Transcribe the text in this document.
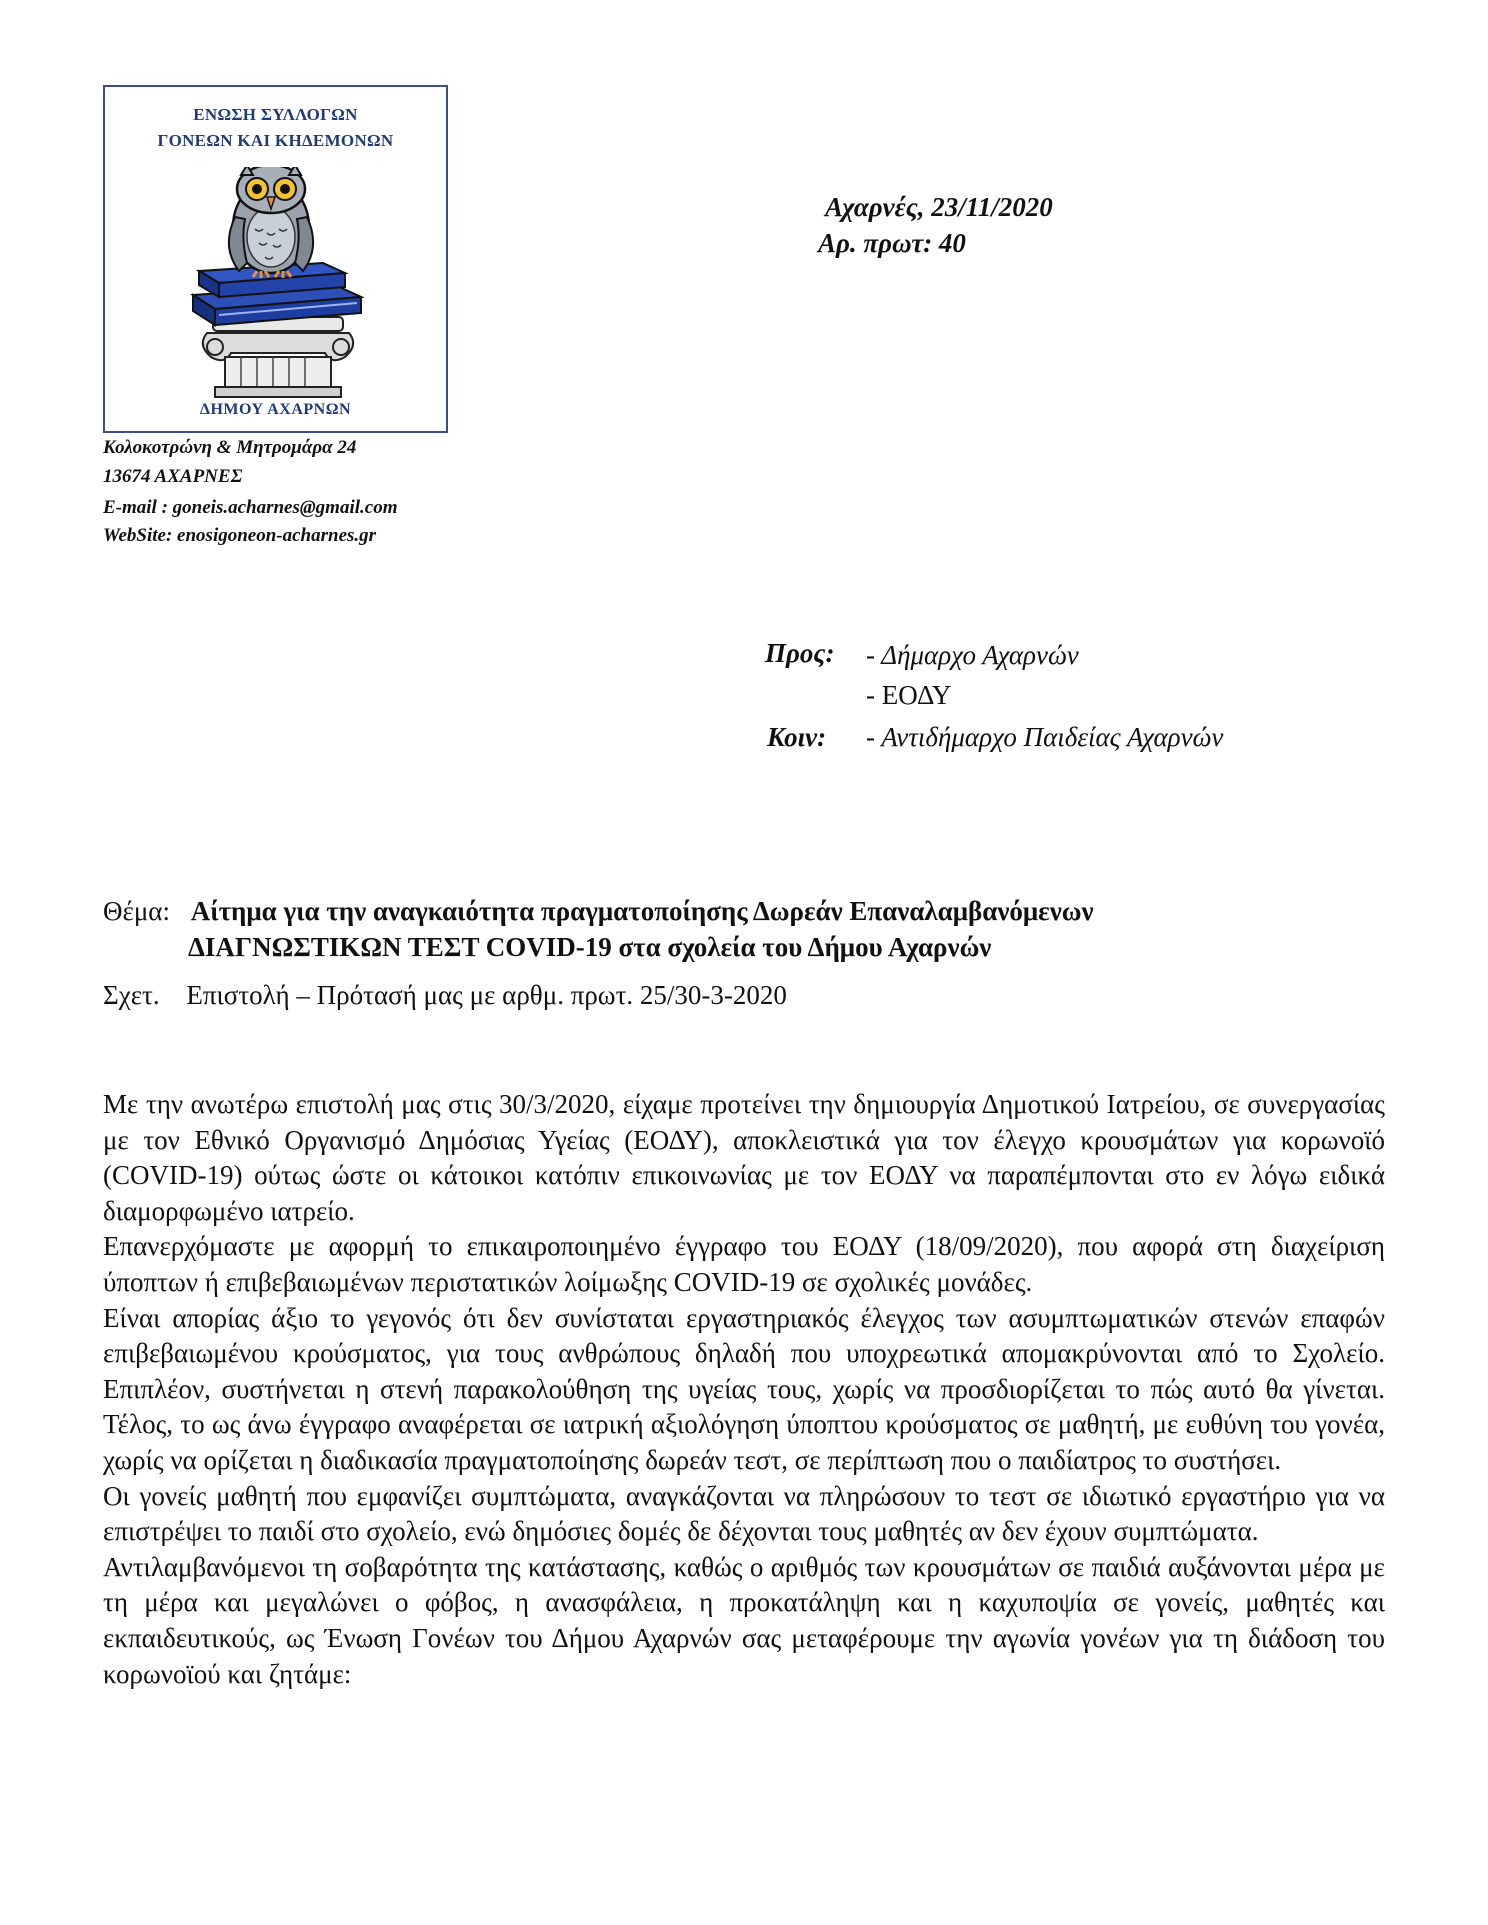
ΕΝΩΣΗ ΣΥΛΛΟΓΩΝ
ΓΟΝΕΩΝ ΚΑΙ ΚΗΔΕΜΟΝΩΝ
ΔΗΜΟΥ ΑΧΑΡΝΩΝ
Κολοκοτρώνη & Μητρομάρα 24
13674 ΑΧΑΡΝΕΣ
E-mail : goneis.acharnes@gmail.com
WebSite: enosigoneon-acharnes.gr
Αχαρνές, 23/11/2020
Αρ. πρωτ: 40
Προς: - Δήμαρχο Αχαρνών
- ΕΟΔΥ
Κοιν: - Αντιδήμαρχο Παιδείας Αχαρνών
Θέμα: Αίτημα για την αναγκαιότητα πραγματοποίησης Δωρεάν Επαναλαμβανόμενων
ΔΙΑΓΝΩΣΤΙΚΩΝ ΤΕΣΤ COVID-19 στα σχολεία του Δήμου Αχαρνών
Σχετ. Επιστολή – Πρότασή μας με αρθμ. πρωτ. 25/30-3-2020

Με την ανωτέρω επιστολή μας στις 30/3/2020, είχαμε προτείνει την δημιουργία Δημοτικού Ιατρείου, σε συνεργασίας με τον Εθνικό Οργανισμό Δημόσιας Υγείας (ΕΟΔΥ), αποκλειστικά για τον έλεγχο κρουσμάτων για κορωνοϊό (COVID-19) ούτως ώστε οι κάτοικοι κατόπιν επικοινωνίας με τον ΕΟΔΥ να παραπέμπονται στο εν λόγω ειδικά διαμορφωμένο ιατρείο.

Επανερχόμαστε με αφορμή το επικαιροποιημένο έγγραφο του ΕΟΔΥ (18/09/2020), που αφορά στη διαχείριση ύποπτων ή επιβεβαιωμένων περιστατικών λοίμωξης COVID-19 σε σχολικές μονάδες.

Είναι απορίας άξιο το γεγονός ότι δεν συνίσταται εργαστηριακός έλεγχος των ασυμπτωματικών στενών επαφών επιβεβαιωμένου κρούσματος, για τους ανθρώπους δηλαδή που υποχρεωτικά απομακρύνονται από το Σχολείο. Επιπλέον, συστήνεται η στενή παρακολούθηση της υγείας τους, χωρίς να προσδιορίζεται το πώς αυτό θα γίνεται. Τέλος, το ως άνω έγγραφο αναφέρεται σε ιατρική αξιολόγηση ύποπτου κρούσματος σε μαθητή, με ευθύνη του γονέα, χωρίς να ορίζεται η διαδικασία πραγματοποίησης δωρεάν τεστ, σε περίπτωση που ο παιδίατρος το συστήσει.

Οι γονείς μαθητή που εμφανίζει συμπτώματα, αναγκάζονται να πληρώσουν το τεστ σε ιδιωτικό εργαστήριο για να επιστρέψει το παιδί στο σχολείο, ενώ δημόσιες δομές δε δέχονται τους μαθητές αν δεν έχουν συμπτώματα.

Αντιλαμβανόμενοι τη σοβαρότητα της κατάστασης, καθώς ο αριθμός των κρουσμάτων σε παιδιά αυξάνονται μέρα με τη μέρα και μεγαλώνει ο φόβος, η ανασφάλεια, η προκατάληψη και η καχυποψία σε γονείς, μαθητές και εκπαιδευτικούς, ως Ένωση Γονέων του Δήμου Αχαρνών σας μεταφέρουμε την αγωνία γονέων για τη διάδοση του κορωνοϊού και ζητάμε:
